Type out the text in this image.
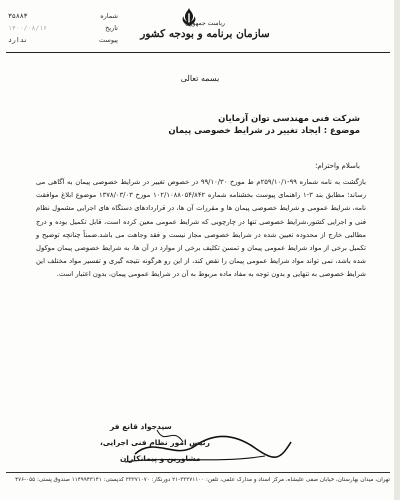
ریاست جمهوری
سازمان برنامه و بودجه کشور
شماره
۳۵۸۸۳
تاریخ
۱۴۰۰/۰۸/۱۶
پیوست
ندارد
بسمه تعالی
شرکت فنی مهندسی توان آزمایان
موضوع : ایجاد تغییر در شرایط خصوصی پیمان
باسلام واحترام؛
بازگشت به نامه شماره ۹۹-۲۵۹/۱۰/۱م ط مورخ ۹۹/۱۰/۳۰ در خصوص تغییر در شرایط خصوصی پیمان به آگاهی می رساند؛ مطابق بند ۳-۱ راهنمای پیوست بخشنامه شماره ۱۰۲/۱۰۸۸۰۵۴/۸۴۲ مورخ ۱۳۷۸/۰۳/۰۳ موضوع ابلاغ موافقت نامه، شرایط عمومی و شرایط خصوصی پیمان ها و مقررات آن ها، در قراردادهای دستگاه های اجرایی مشمول نظام فنی و اجرایی کشور،شرایط خصوصی تنها در چارچوبی که شرایط عمومی معین کرده است، قابل تکمیل بوده و درج مطالبی خارج از محدوده تعیین شده در شرایط خصوصی مجاز نیست و فقد وجاهت می باشد.ضمناً چنانچه توضیح و تکمیل برخی از مواد شرایط عمومی پیمان و تمسن تکلیف برخی از موارد در آن ها، به شرایط خصوصی پیمان موکول شده باشد، نمی تواند مواد شرایط عمومی پیمان را نقض کند، از این رو هرگونه نتیجه گیری و تفسیر مواد مختلف این شرایط خصوصی به تنهایی و بدون توجه به مفاد ماده مربوط به آن در شرایط عمومی پیمان، بدون اعتبار است.
سیدجواد قانع فر
رئیس امور نظام فنی اجرایی،
مشاورین و پیمانکاران
تهران، میدان بهارستان، خیابان صفی علیشاه، مرکز اسناد و مدارک علمی، تلفن: ۳۳۲۷۱۱۰۰-۲۱ دورنگار: ۳۳۲۷۱۰۷۰ کدپستی: ۱۱۴۹۹۴۳۱۴۱ صندوق پستی: ۰۵۵-۴۷۶
